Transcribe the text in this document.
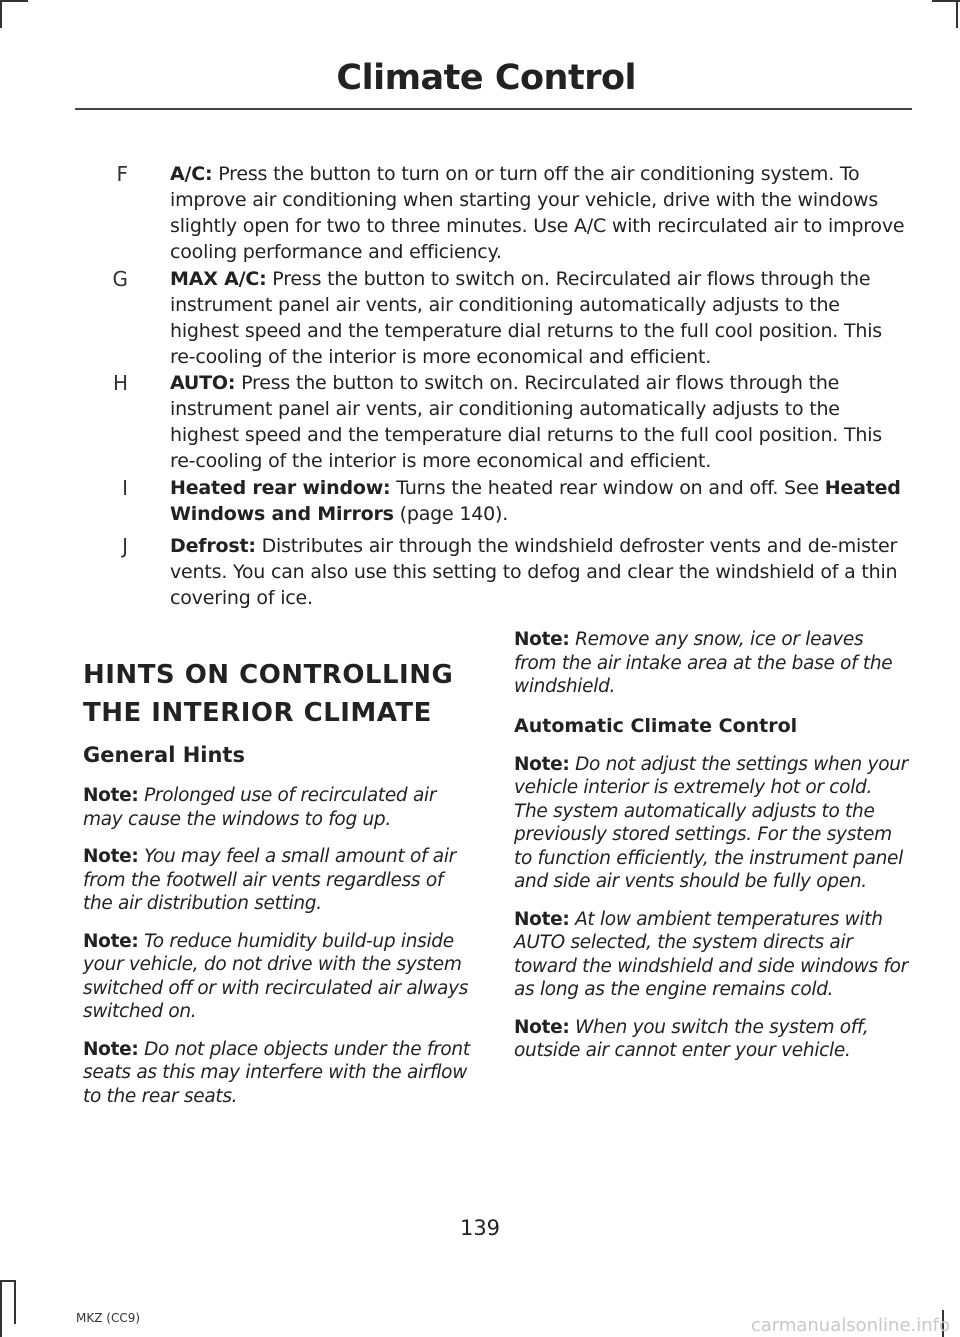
Climate Control
F A/C: Press the button to turn on or turn off the air conditioning system. To improve air conditioning when starting your vehicle, drive with the windows slightly open for two to three minutes. Use A/C with recirculated air to improve cooling performance and efficiency.
G MAX A/C: Press the button to switch on. Recirculated air flows through the instrument panel air vents, air conditioning automatically adjusts to the highest speed and the temperature dial returns to the full cool position. This re-cooling of the interior is more economical and efficient.
H AUTO: Press the button to switch on. Recirculated air flows through the instrument panel air vents, air conditioning automatically adjusts to the highest speed and the temperature dial returns to the full cool position. This re-cooling of the interior is more economical and efficient.
I Heated rear window: Turns the heated rear window on and off. See Heated Windows and Mirrors (page 140).
J Defrost: Distributes air through the windshield defroster vents and de-mister vents. You can also use this setting to defog and clear the windshield of a thin covering of ice.
HINTS ON CONTROLLING
THE INTERIOR CLIMATE
General Hints

Note: Prolonged use of recirculated air may cause the windows to fog up.

Note: You may feel a small amount of air from the footwell air vents regardless of the air distribution setting.

Note: To reduce humidity build-up inside your vehicle, do not drive with the system switched off or with recirculated air always switched on.

Note: Do not place objects under the front seats as this may interfere with the airflow to the rear seats.

Note: Remove any snow, ice or leaves from the air intake area at the base of the windshield.

Automatic Climate Control

Note: Do not adjust the settings when your vehicle interior is extremely hot or cold. The system automatically adjusts to the previously stored settings. For the system to function efficiently, the instrument panel and side air vents should be fully open.

Note: At low ambient temperatures with AUTO selected, the system directs air toward the windshield and side windows for as long as the engine remains cold.

Note: When you switch the system off, outside air cannot enter your vehicle.

139
MKZ (CC9)	carmanualsonline.info
